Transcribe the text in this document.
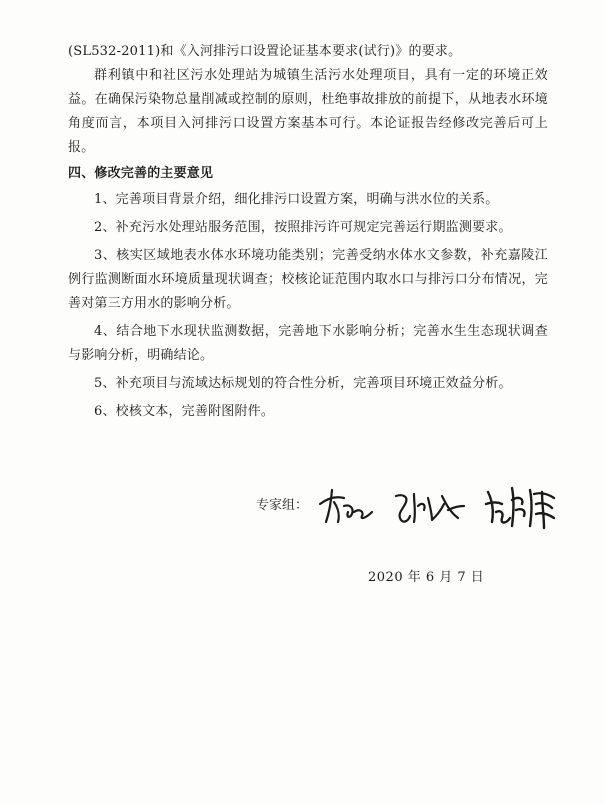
(SL532-2011)和《入河排污口设置论证基本要求(试行)》的要求。

群利镇中和社区污水处理站为城镇生活污水处理项目，具有一定的环境正效益。在确保污染物总量削减或控制的原则，杜绝事故排放的前提下，从地表水环境角度而言，本项目入河排污口设置方案基本可行。本论证报告经修改完善后可上报。

四、修改完善的主要意见

1、完善项目背景介绍，细化排污口设置方案，明确与洪水位的关系。

2、补充污水处理站服务范围，按照排污许可规定完善运行期监测要求。

3、核实区域地表水体水环境功能类别；完善受纳水体水文参数，补充嘉陵江例行监测断面水环境质量现状调查；校核论证范围内取水口与排污口分布情况，完善对第三方用水的影响分析。

4、结合地下水现状监测数据，完善地下水影响分析；完善水生生态现状调查与影响分析，明确结论。

5、补充项目与流域达标规划的符合性分析，完善项目环境正效益分析。

6、校核文本，完善附图附件。

专家组：
2020 年 6 月 7 日
